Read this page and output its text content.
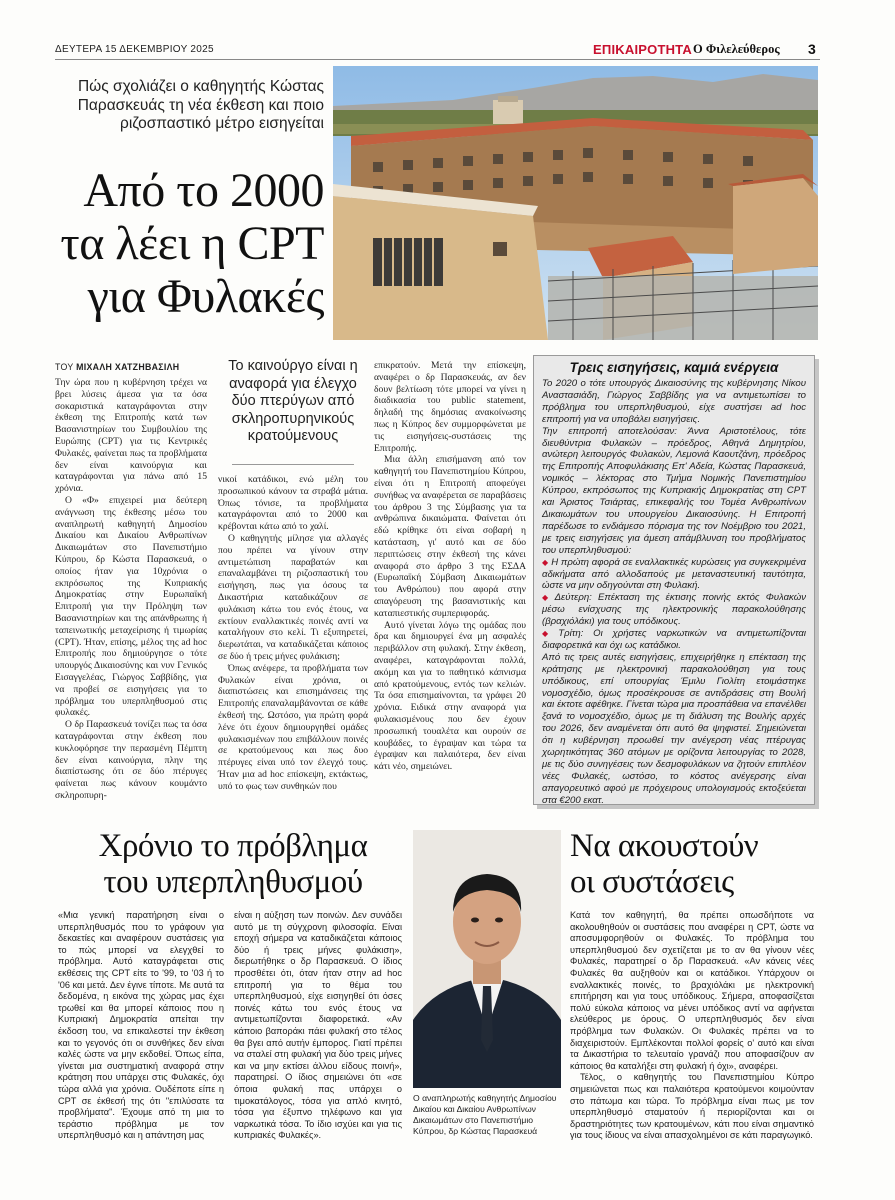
ΔΕΥΤΕΡΑ 15 ΔΕΚΕΜΒΡΙΟΥ 2025	ΕΠΙΚΑΙΡΟΤΗΤΑ Ο Φιλελεύθερος 3
Πώς σχολιάζει ο καθηγητής Κώστας Παρασκευάς τη νέα έκθεση και ποιο ριζοσπαστικό μέτρο εισηγείται
Από το 2000
τα λέει η CPT
για Φυλακές
ΤΟΥ ΜΙΧΑΛΗ ΧΑΤΖΗΒΑΣΙΛΗ

Την ώρα που η κυβέρνηση τρέχει να βρει λύσεις άμεσα για τα όσα σοκαριστικά καταγράφονται στην έκθεση της Επιτροπής κατά των Βασανιστηρίων του Συμβουλίου της Ευρώπης (CPT) για τις Κεντρικές Φυλακές, φαίνεται πως τα προβλήματα δεν είναι καινούργια και καταγράφονται για πάνω από 15 χρόνια.

Ο «Φ» επιχειρεί μια δεύτερη ανάγνωση της έκθεσης μέσω του αναπληρωτή καθηγητή Δημοσίου Δικαίου και Δικαίου Ανθρωπίνων Δικαιωμάτων στο Πανεπιστήμιο Κύπρου, δρ Κώστα Παρασκευά, ο οποίος ήταν για 10χρόνια ο εκπρόσωπος της Κυπριακής Δημοκρατίας στην Ευρωπαϊκή Επιτροπή για την Πρόληψη των Βασανιστηρίων και της απάνθρωπης ή ταπεινωτικής μεταχείρισης ή τιμωρίας (CPT). Ήταν, επίσης, μέλος της ad hoc Επιτροπής που δημιούργησε ο τότε υπουργός Δικαιοσύνης και νυν Γενικός Εισαγγελέας, Γιώργος Σαββίδης, για να προβεί σε εισηγήσεις για το πρόβλημα του υπερπληθυσμού στις φυλακές.

Ο δρ Παρασκευά τονίζει πως τα όσα καταγράφονται στην έκθεση που κυκλοφόρησε την περασμένη Πέμπτη δεν είναι καινούργια, πλην της διαπίστωσης ότι σε δύο πτέρυγες φαίνεται πως κάνουν κουμάντο σκληροπυρη-

Το καινούργο είναι η αναφορά για έλεγχο δύο πτερύγων από σκληροπυρηνικούς κρατούμενους

νικοί κατάδικοι, ενώ μέλη του προσωπικού κάνουν τα στραβά μάτια. Όπως τόνισε, τα προβλήματα καταγράφονται από το 2000 και κρέβονται κάτω από το χαλί.

Ο καθηγητής μίλησε για αλλαγές που πρέπει να γίνουν στην αντιμετώπιση παραβατών και επαναλαμβάνει τη ριζοσπαστική του εισήγηση, πως για όσους τα Δικαστήρια καταδικάζουν σε φυλάκιση κάτω του ενός έτους, να εκτίουν εναλλακτικές ποινές αντί να καταλήγουν στο κελί. Τι εξυπηρετεί, διερωτάται, να καταδικάζεται κάποιος σε δύο ή τρεις μήνες φυλάκιση;

Όπως ανέφερε, τα προβλήματα των Φυλακών είναι χρόνια, οι διαπιστώσεις και επισημάνσεις της Επιτροπής επαναλαμβάνονται σε κάθε έκθεσή της. Ωστόσο, για πρώτη φορά λένε ότι έχουν δημιουργηθεί ομάδες φυλακισμένων που επιβάλλουν ποινές σε κρατούμενους και πως δυο πτέρυγες είναι υπό τον έλεγχό τους. Ήταν μια ad hoc επίσκεψη, εκτάκτως, υπό το φως των συνθηκών που

επικρατούν. Μετά την επίσκεψη, αναφέρει ο δρ Παρασκευάς, αν δεν δουν βελτίωση τότε μπορεί να γίνει η διαδικασία του public statement, δηλαδή της δημόσιας ανακοίνωσης πως η Κύπρος δεν συμμορφώνεται με τις εισηγήσεις-συστάσεις της Επιτροπής.

Μια άλλη επισήμανση από τον καθηγητή του Πανεπιστημίου Κύπρου, είναι ότι η Επιτροπή αποφεύγει συνήθως να αναφέρεται σε παραβάσεις του άρθρου 3 της Σύμβασης για τα ανθρώπινα δικαιώματα. Φαίνεται ότι εδώ κρίθηκε ότι είναι σοβαρή η κατάσταση, γι' αυτό και σε δύο περιπτώσεις στην έκθεσή της κάνει αναφορά στο άρθρο 3 της ΕΣΔΑ (Ευρωπαϊκή Σύμβαση Δικαιωμάτων του Ανθρώπου) που αφορά στην απαγόρευση της βασανιστικής και καταπιεστικής συμπεριφοράς.

Αυτό γίνεται λόγω της ομάδας που δρα και δημιουργεί ένα μη ασφαλές περιβάλλον στη φυλακή. Στην έκθεση, αναφέρει, καταγράφονται πολλά, ακόμη και για το παθητικό κάπνισμα από κρατούμενους, εντός των κελιών. Τα όσα επισημαίνονται, τα γράφει 20 χρόνια. Ειδικά στην αναφορά για φυλακισμένους που δεν έχουν προσωπική τουαλέτα και ουρούν σε κουβάδες, το έγραψαν και τώρα τα έγραψαν και παλαιότερα, δεν είναι κάτι νέο, σημειώνει.

Τρεις εισηγήσεις, καμιά ενέργεια

Το 2020 ο τότε υπουργός Δικαιοσύνης της κυβέρνησης Νίκου Αναστασιάδη, Γιώργος Σαββίδης για να αντιμετωπίσει το πρόβλημα του υπερπληθυσμού, είχε συστήσει ad hoc επιτροπή για να υποβάλει εισηγήσεις.

Την επιτροπή αποτελούσαν: Άννα Αριστοτέλους, τότε διευθύντρια Φυλακών – πρόεδρος, Αθηνά Δημητρίου, ανώτερη λειτουργός Φυλακών, Λεμονιά Καουτζάνη, πρόεδρος της Επιτροπής Αποφυλάκισης Επ' Αδεία, Κώστας Παρασκευά, νομικός – λέκτορας στο Τμήμα Νομικής Πανεπιστημίου Κύπρου, εκπρόσωπος της Κυπριακής Δημοκρατίας στη CPT και Άριστος Τσιάρτας, επικεφαλής του Τομέα Ανθρωπίνων Δικαιωμάτων του υπουργείου Δικαιοσύνης. Η Επιτροπή παρέδωσε το ενδιάμεσο πόρισμα της τον Νοέμβριο του 2021, με τρεις εισηγήσεις για άμεση απάμβλυνση του προβλήματος του υπερπληθυσμού:

◆ Η πρώτη αφορά σε εναλλακτικές κυρώσεις για συγκεκριμένα αδικήματα από αλλοδαπούς με μεταναστευτική ταυτότητα, ώστε να μην οδηγούνται στη Φυλακή.

◆ Δεύτερη: Επέκταση της έκτισης ποινής εκτός Φυλακών μέσω ενίσχυσης της ηλεκτρονικής παρακολούθησης (βραχιόλάκι) για τους υπόδικους.

◆ Τρίτη: Οι χρήστες ναρκωτικών να αντιμετωπίζονται διαφορετικά και όχι ως κατάδικοι.

Από τις τρεις αυτές εισηγήσεις, επιχειρήθηκε η επέκταση της κράτησης με ηλεκτρονική παρακολούθηση για τους υπόδικους, επί υπουργίας Έμιλυ Γιολίτη ετοιμάστηκε νομοσχέδιο, όμως προσέκρουσε σε αντιδράσεις στη Βουλή και έκτοτε αφέθηκε. Γίνεται τώρα μια προσπάθεια να επανέλθει ξανά το νομοσχέδιο, όμως με τη διάλυση της Βουλής αρχές του 2026, δεν αναμένεται όπι αυτό θα ψηφιστεί. Σημειώνεται ότι η κυβέρνηση προωθεί την ανέγερση νέας πτέρυγας χωρητικότητας 360 ατόμων με ορίζοντα λειτουργίας το 2028, με τις δύο συνηγέσεις των δεσμοφυλάκων να ζητούν επιπλέον νέες Φυλακές, ωστόσο, το κόστος ανέγερσης είναι απαγορευτικό αφού με πρόχειρους υπολογισμούς εκτοξεύεται στα €200 εκατ.

Χρόνιο το πρόβλημα
του υπερπληθυσμού

«Μια γενική παρατήρηση είναι ο υπερπληθυσμός που το γράφουν για δεκαετίες και αναφέρουν συστάσεις για το πώς μπορεί να ελεγχθεί το πρόβλημα. Αυτό καταγράφεται στις εκθέσεις της CPT είτε το '99, το '03 ή το '06 και μετά. Δεν έγινε τίποτε. Με αυτά τα δεδομένα, η εικόνα της χώρας μας έχει τρωθεί και θα μπορεί κάποιος που η Κυπριακή Δημοκρατία απείται την έκδοση του, να επικαλεστεί την έκθεση και το γεγονός ότι οι συνθήκες δεν είναι καλές ώστε να μην εκδοθεί. Όπως είπα, γίνεται μια συστηματική αναφορά στην κράτηση που υπάρχει στις Φυλακές, όχι τώρα αλλά για χρόνια. Ουδέποτε είπε η CPT σε έκθεσή της ότι "επιλύσατε τα προβλήματα". Έχουμε από τη μια το τεράστιο πρόβλημα με τον υπερπληθυσμό και η απάντηση μας

είναι η αύξηση των ποινών. Δεν συνάδει αυτό με τη σύγχρονη φιλοσοφία. Είναι εποχή σήμερα να καταδικάζεται κάποιος δύο ή τρεις μήνες φυλάκιση», διερωτήθηκε ο δρ Παρασκευά. Ο ίδιος προσθέτει ότι, όταν ήταν στην ad hoc επιτροπή για το θέμα του υπερπληθυσμού, είχε εισηγηθεί ότι όσες ποινές κάτω του ενός έτους να αντιμετωπίζονται διαφορετικά. «Αν κάποιο βαποράκι πάει φυλακή στο τέλος θα βγει από αυτήν έμπορος. Γιατί πρέπει να σταλεί στη φυλακή για δύο τρεις μήνες και να μην εκτίσει άλλου είδους ποινή», παρατηρεί. Ο ίδιος σημειώνει ότι «σε όποια φυλακή πας υπάρχει ο τιμοκατάλογος, τόσα για απλό κινητό, τόσα για έξυπνο τηλέφωνο και για ναρκωτικά τόσα. Το ίδιο ισχύει και για τις κυπριακές Φυλακές».

Ο αναπληρωτής καθηγητής Δημοσίου Δικαίου και Δικαίου Ανθρωπίνων Δικαιωμάτων στο Πανεπιστήμιο Κύπρου, δρ Κώστας Παρασκευά
Να ακουστούν
οι συστάσεις

Κατά τον καθηγητή, θα πρέπει οπωσδήποτε να ακολουθηθούν οι συστάσεις που αναφέρει η CPT, ώστε να αποσυμφορηθούν οι Φυλακές. Το πρόβλημα του υπερπληθυσμού δεν σχετίζεται με το αν θα γίνουν νέες Φυλακές, παρατηρεί ο δρ Παρασκευά. «Αν κάνεις νέες Φυλακές θα αυξηθούν και οι κατάδικοι. Υπάρχουν οι εναλλακτικές ποινές, το βραχιόλάκι με ηλεκτρονική επιτήρηση και για τους υπόδικους. Σήμερα, αποφασίζεται πολύ εύκολα κάποιος να μένει υπόδικος αντί να αφήνεται ελεύθερος με όρους. Ο υπερπληθυσμός δεν είναι πρόβλημα των Φυλακών. Οι Φυλακές πρέπει να το διαχειριστούν. Εμπλέκονται πολλοί φορείς ο' αυτό και είναι τα Δικαστήρια το τελευταίο γρανάζι που αποφασίζουν αν κάποιος θα καταλήξει στη φυλακή ή όχι», αναφέρει.

Τέλος, ο καθηγητής του Πανεπιστημίου Κύπρο σημειώνεται πως και παλαιότερα κρατούμενοι κοιμούνταν στο πάτωμα και τώρα. Το πρόβλημα είναι πως με τον υπερπληθυσμό σταματούν ή περιορίζονται και οι δραστηριότητες των κρατουμένων, κάτι που είναι σημαντικό για τους ίδιους να είναι απασχολημένοι σε κάτι παραγωγικό.
